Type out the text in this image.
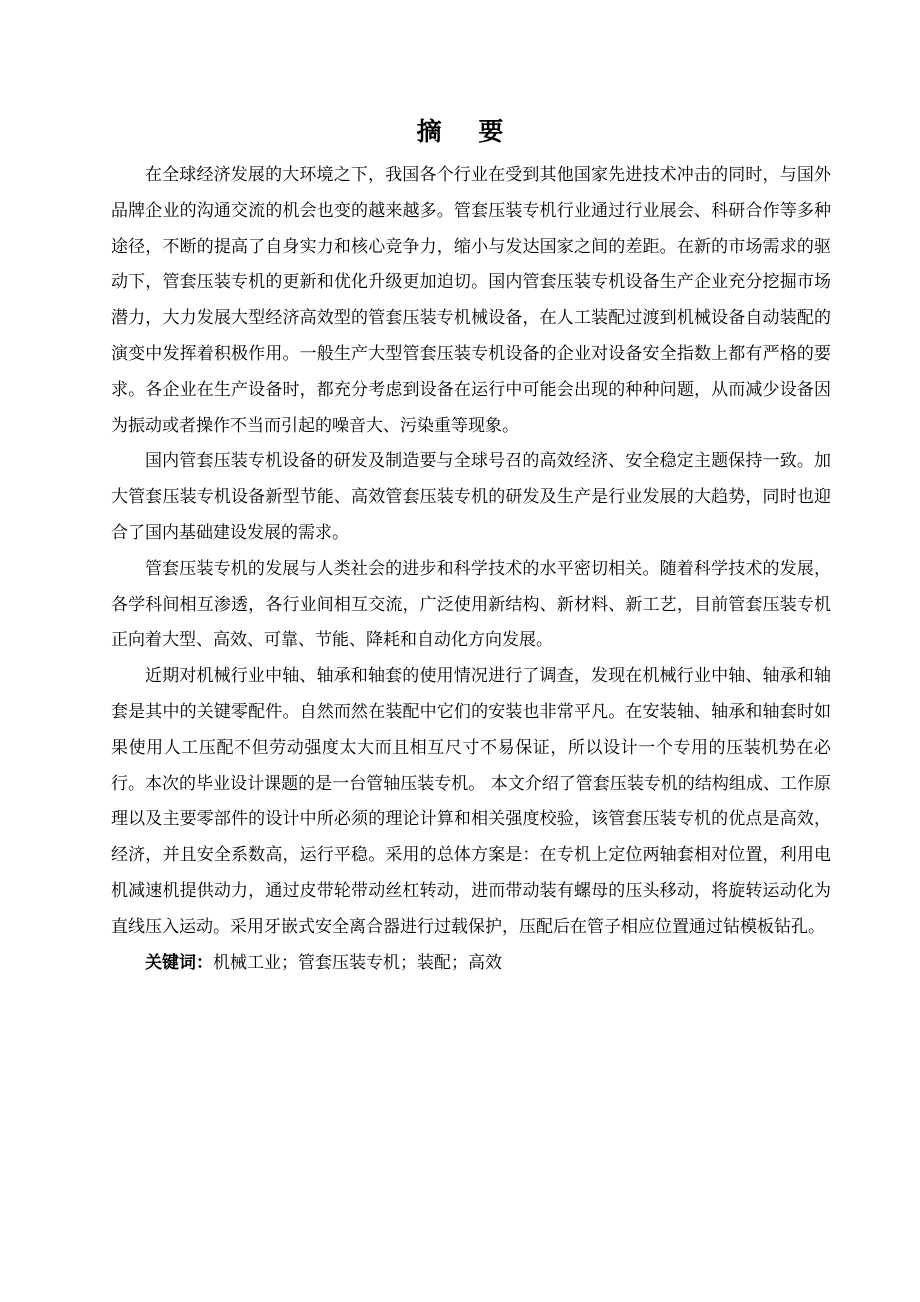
摘 要

在全球经济发展的大环境之下，我国各个行业在受到其他国家先进技术冲击的同时，与国外品牌企业的沟通交流的机会也变的越来越多。管套压装专机行业通过行业展会、科研合作等多种途径，不断的提高了自身实力和核心竞争力，缩小与发达国家之间的差距。在新的市场需求的驱动下，管套压装专机的更新和优化升级更加迫切。国内管套压装专机设备生产企业充分挖掘市场潜力，大力发展大型经济高效型的管套压装专机械设备，在人工装配过渡到机械设备自动装配的演变中发挥着积极作用。一般生产大型管套压装专机设备的企业对设备安全指数上都有严格的要求。各企业在生产设备时，都充分考虑到设备在运行中可能会出现的种种问题，从而减少设备因为振动或者操作不当而引起的噪音大、污染重等现象。

国内管套压装专机设备的研发及制造要与全球号召的高效经济、安全稳定主题保持一致。加大管套压装专机设备新型节能、高效管套压装专机的研发及生产是行业发展的大趋势，同时也迎合了国内基础建设发展的需求。

管套压装专机的发展与人类社会的进步和科学技术的水平密切相关。随着科学技术的发展，各学科间相互渗透，各行业间相互交流，广泛使用新结构、新材料、新工艺，目前管套压装专机正向着大型、高效、可靠、节能、降耗和自动化方向发展。

近期对机械行业中轴、轴承和轴套的使用情况进行了调查，发现在机械行业中轴、轴承和轴套是其中的关键零配件。自然而然在装配中它们的安装也非常平凡。在安装轴、轴承和轴套时如果使用人工压配不但劳动强度太大而且相互尺寸不易保证，所以设计一个专用的压装机势在必行。本次的毕业设计课题的是一台管轴压装专机。 本文介绍了管套压装专机的结构组成、工作原理以及主要零部件的设计中所必须的理论计算和相关强度校验，该管套压装专机的优点是高效，经济，并且安全系数高，运行平稳。采用的总体方案是：在专机上定位两轴套相对位置，利用电机减速机提供动力，通过皮带轮带动丝杠转动，进而带动装有螺母的压头移动，将旋转运动化为直线压入运动。采用牙嵌式安全离合器进行过载保护，压配后在管子相应位置通过钻模板钻孔。

关键词：机械工业；管套压装专机；装配；高效
